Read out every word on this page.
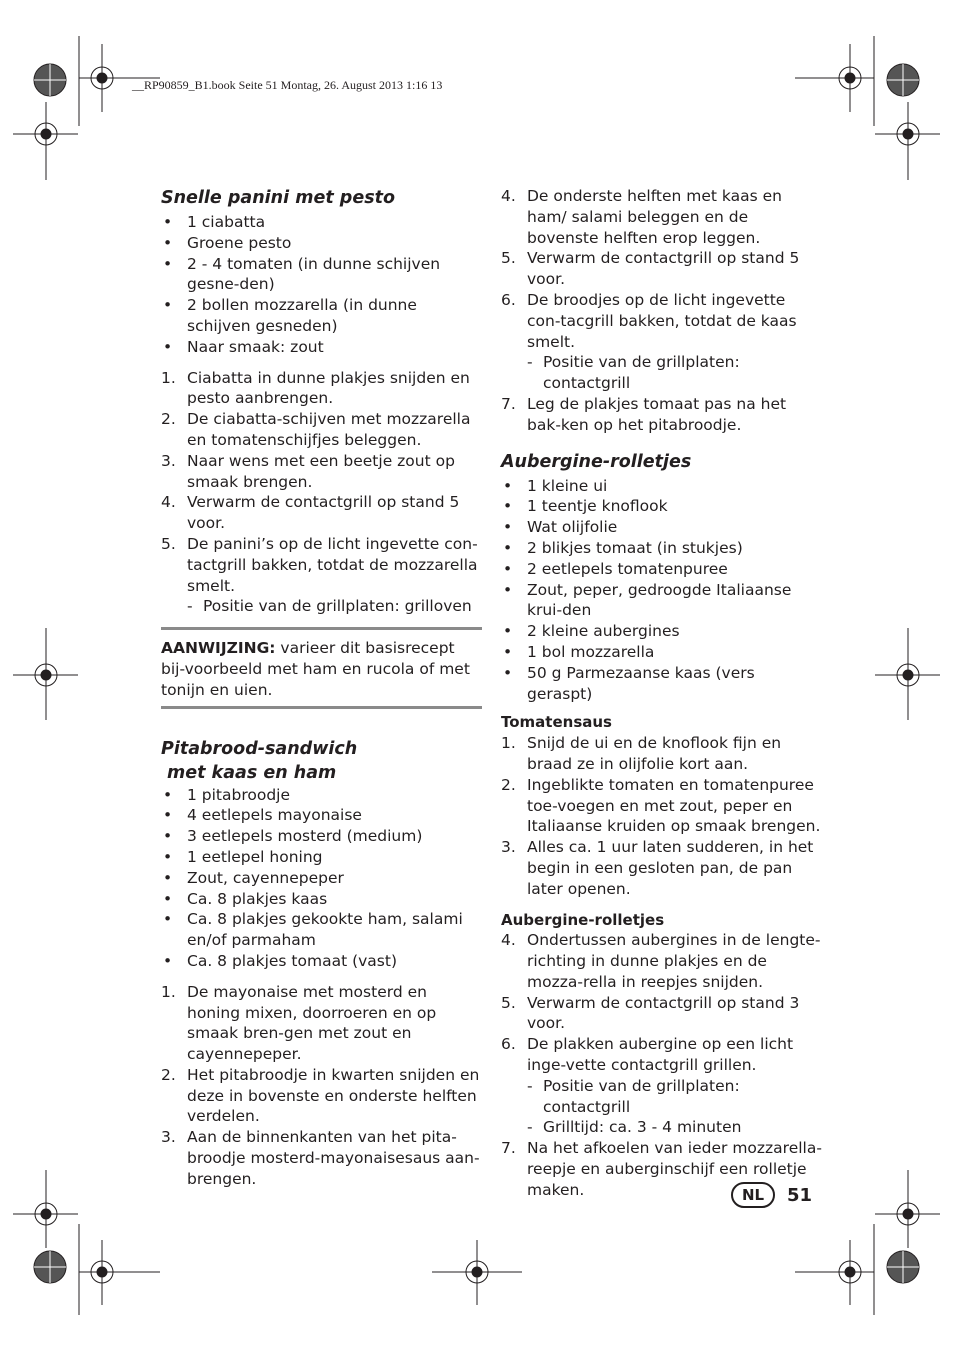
__RP90859_B1.book Seite 51 Montag, 26. August 2013 1:16 13
Snelle panini met pesto
• 1 ciabatta
• Groene pesto
• 2 - 4 tomaten (in dunne schijven gesne-den)
• 2 bollen mozzarella (in dunne schijven gesneden)
• Naar smaak: zout
1. Ciabatta in dunne plakjes snijden en pesto aanbrengen.
2. De ciabatta-schijven met mozzarella en tomatenschijfjes beleggen.
3. Naar wens met een beetje zout op smaak brengen.
4. Verwarm de contactgrill op stand 5 voor.
5. De panini’s op de licht ingevette con-tactgrill bakken, totdat de mozzarella smelt.
- Positie van de grillplaten: grilloven
AANWIJZING: varieer dit basisrecept bij-voorbeeld met ham en rucola of met tonijn en uien.
Pitabrood-sandwich
met kaas en ham
• 1 pitabroodje
• 4 eetlepels mayonaise
• 3 eetlepels mosterd (medium)
• 1 eetlepel honing
• Zout, cayennepeper
• Ca. 8 plakjes kaas
• Ca. 8 plakjes gekookte ham, salami en/of parmaham
• Ca. 8 plakjes tomaat (vast)
1. De mayonaise met mosterd en honing mixen, doorroeren en op smaak bren-gen met zout en cayennepeper.
2. Het pitabroodje in kwarten snijden en deze in bovenste en onderste helften verdelen.
3. Aan de binnenkanten van het pita-broodje mosterd-mayonaisesaus aan-brengen.
4. De onderste helften met kaas en ham/ salami beleggen en de bovenste helften erop leggen.
5. Verwarm de contactgrill op stand 5 voor.
6. De broodjes op de licht ingevette con-tacgrill bakken, totdat de kaas smelt.
- Positie van de grillplaten: contactgrill
7. Leg de plakjes tomaat pas na het bak-ken op het pitabroodje.
Aubergine-rolletjes
• 1 kleine ui
• 1 teentje knoflook
• Wat olijfolie
• 2 blikjes tomaat (in stukjes)
• 2 eetlepels tomatenpuree
• Zout, peper, gedroogde Italiaanse krui-den
• 2 kleine aubergines
• 1 bol mozzarella
• 50 g Parmezaanse kaas (vers geraspt)
Tomatensaus
1. Snijd de ui en de knoflook fijn en braad ze in olijfolie kort aan.
2. Ingeblikte tomaten en tomatenpuree toe-voegen en met zout, peper en Italiaanse kruiden op smaak brengen.
3. Alles ca. 1 uur laten sudderen, in het begin in een gesloten pan, de pan later openen.
Aubergine-rolletjes
4. Ondertussen aubergines in de lengte-richting in dunne plakjes en de mozza-rella in reepjes snijden.
5. Verwarm de contactgrill op stand 3 voor.
6. De plakken aubergine op een licht inge-vette contactgrill grillen.
- Positie van de grillplaten: contactgrill
- Grilltijd: ca. 3 - 4 minuten
7. Na het afkoelen van ieder mozzarella-reepje en auberginschijf een rolletje maken.	NL	51
